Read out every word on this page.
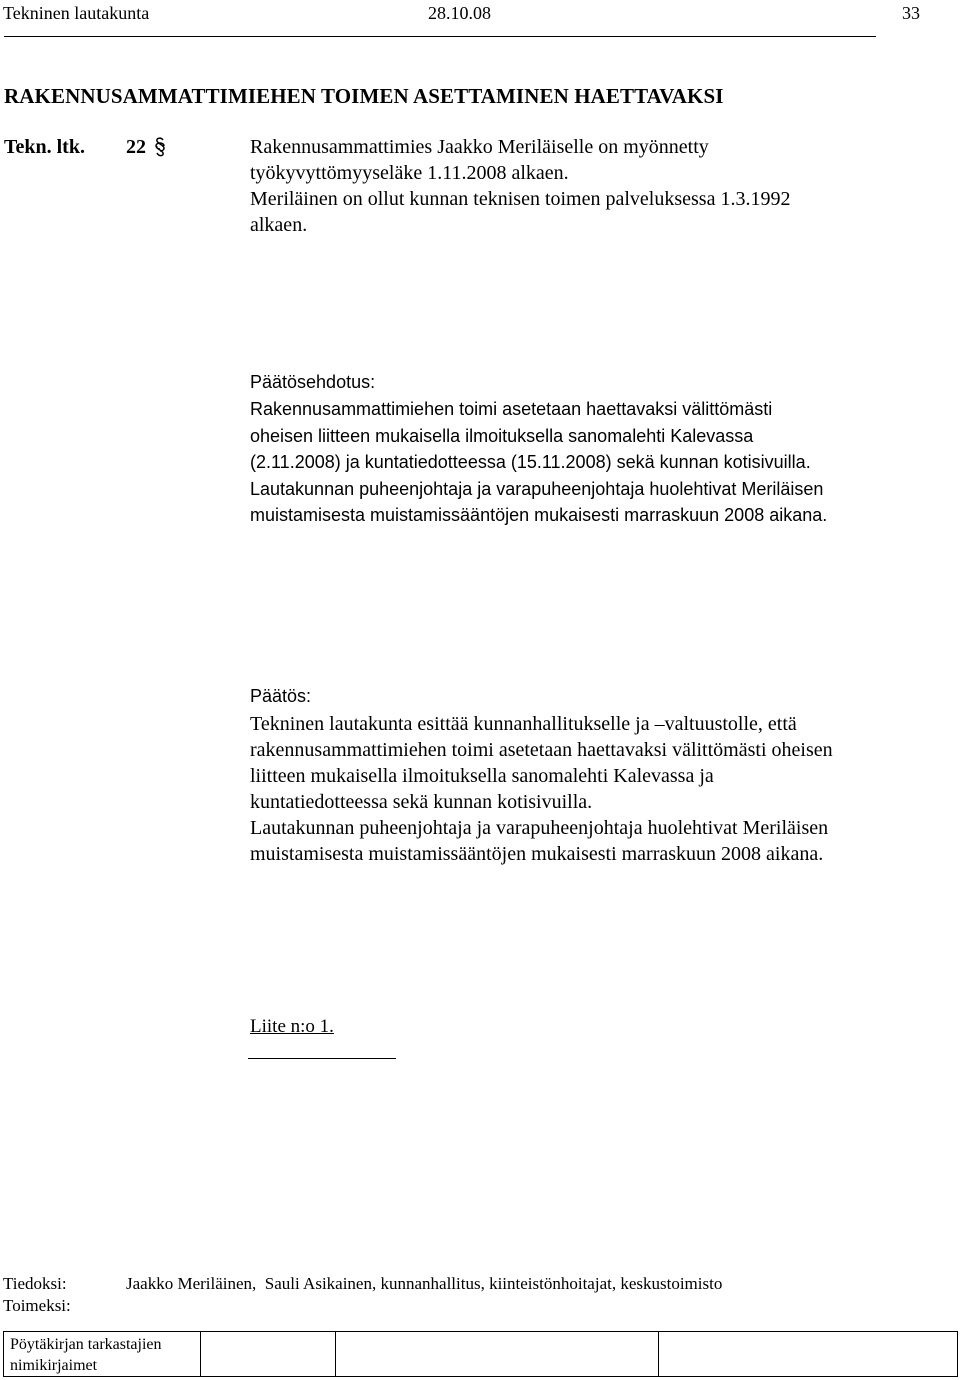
Tekninen lautakunta	28.10.08	33
RAKENNUSAMMATTIMIEHEN TOIMEN ASETTAMINEN HAETTAVAKSI
Tekn. ltk. 22	Rakennusammattimies Jaakko Meriläiselle on myönnetty
työkyvyttömyyseläke 1.11.2008 alkaen.
Meriläinen on ollut kunnan teknisen toimen palveluksessa 1.3.1992
alkaen.
Päätösehdotus:
Rakennusammattimiehen toimi asetetaan haettavaksi välittömästi
oheisen liitteen mukaisella ilmoituksella sanomalehti Kalevassa
(2.11.2008) ja kuntatiedotteessa (15.11.2008) sekä kunnan kotisivuilla.
Lautakunnan puheenjohtaja ja varapuheenjohtaja huolehtivat Meriläisen
muistamisesta muistamissääntöjen mukaisesti marraskuun 2008 aikana.
Päätös:
Tekninen lautakunta esittää kunnanhallitukselle ja –valtuustolle, että
rakennusammattimiehen toimi asetetaan haettavaksi välittömästi oheisen
liitteen mukaisella ilmoituksella sanomalehti Kalevassa ja
kuntatiedotteessa sekä kunnan kotisivuilla.
Lautakunnan puheenjohtaja ja varapuheenjohtaja huolehtivat Meriläisen
muistamisesta muistamissääntöjen mukaisesti marraskuun 2008 aikana.
Liite n:o 1.
Tiedoksi:	Jaakko Meriläinen,  Sauli Asikainen, kunnanhallitus, kiinteistönhoitajat, keskustoimisto
Toimeksi:
Pöytäkirjan tarkastajien
nimikirjaimet
